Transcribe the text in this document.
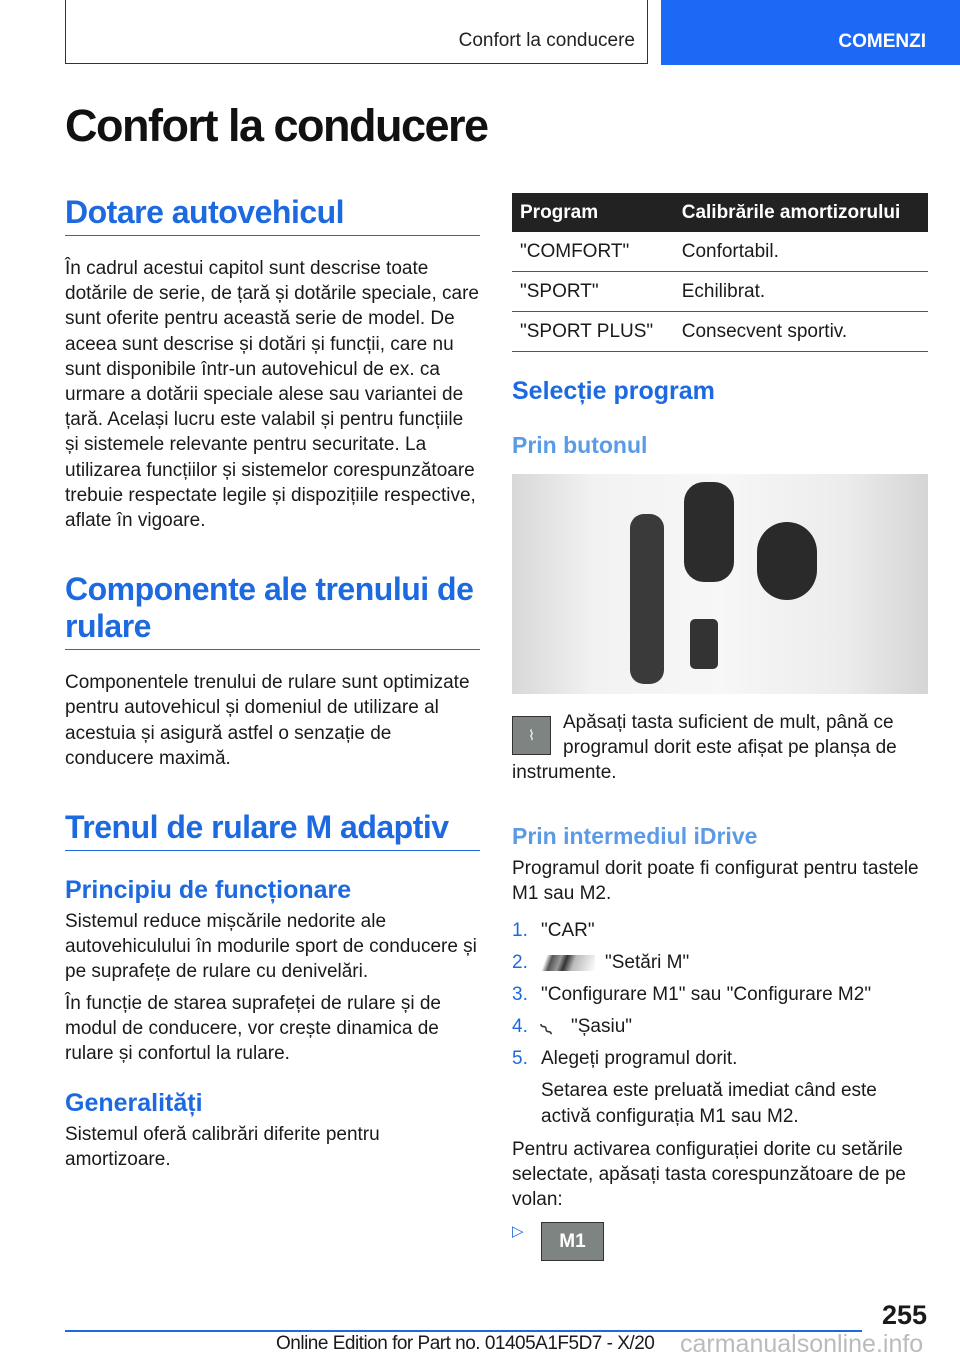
Confort la conducere	COMENZI
Confort la conducere
Dotare autovehicul

În cadrul acestui capitol sunt descrise toate dotările de serie, de țară și dotările speciale, care sunt oferite pentru această serie de model. De aceea sunt descrise și dotări și funcții, care nu sunt disponibile într-un autovehicul de ex. ca urmare a dotării speciale alese sau variantei de țară. Același lucru este valabil și pentru funcțiile și sistemele relevante pentru securitate. La utilizarea funcțiilor și sistemelor corespunzătoare trebuie respectate legile și dispozițiile respective, aflate în vigoare.

Componente ale trenului de rulare

Componentele trenului de rulare sunt optimizate pentru autovehicul și domeniul de utilizare al acestuia și asigură astfel o senzație de conducere maximă.

Trenul de rulare M adaptiv
Principiu de funcționare

Sistemul reduce mișcările nedorite ale autovehiculului în modurile sport de conducere și pe suprafețe de rulare cu denivelări.

În funcție de starea suprafeței de rulare și de modul de conducere, vor crește dinamica de rulare și confortul la rulare.

Generalități

Sistemul oferă calibrări diferite pentru amortizoare.

Program	Calibrările amortizorului
"COMFORT"	Confortabil.
"SPORT"	Echilibrat.
"SPORT PLUS"	Consecvent sportiv.
Selecție program
Prin butonul
⌇

Apăsați tasta suficient de mult, până ce programul dorit este afișat pe planșa de instrumente.

Prin intermediul iDrive

Programul dorit poate fi configurat pentru tastele M1 sau M2.

1. "CAR"
2.	"Setări M"
3. "Configurare M1" sau "Configurare M2"
4. ⌇ "Șasiu"
5. Alegeți programul dorit.

Setarea este preluată imediat când este activă configurația M1 sau M2.

Pentru activarea configurației dorite cu setările selectate, apăsați tasta corespunzătoare de pe volan:

▷	M1
255
Online Edition for Part no. 01405A1F5D7 - X/20 carmanualsonline.info
